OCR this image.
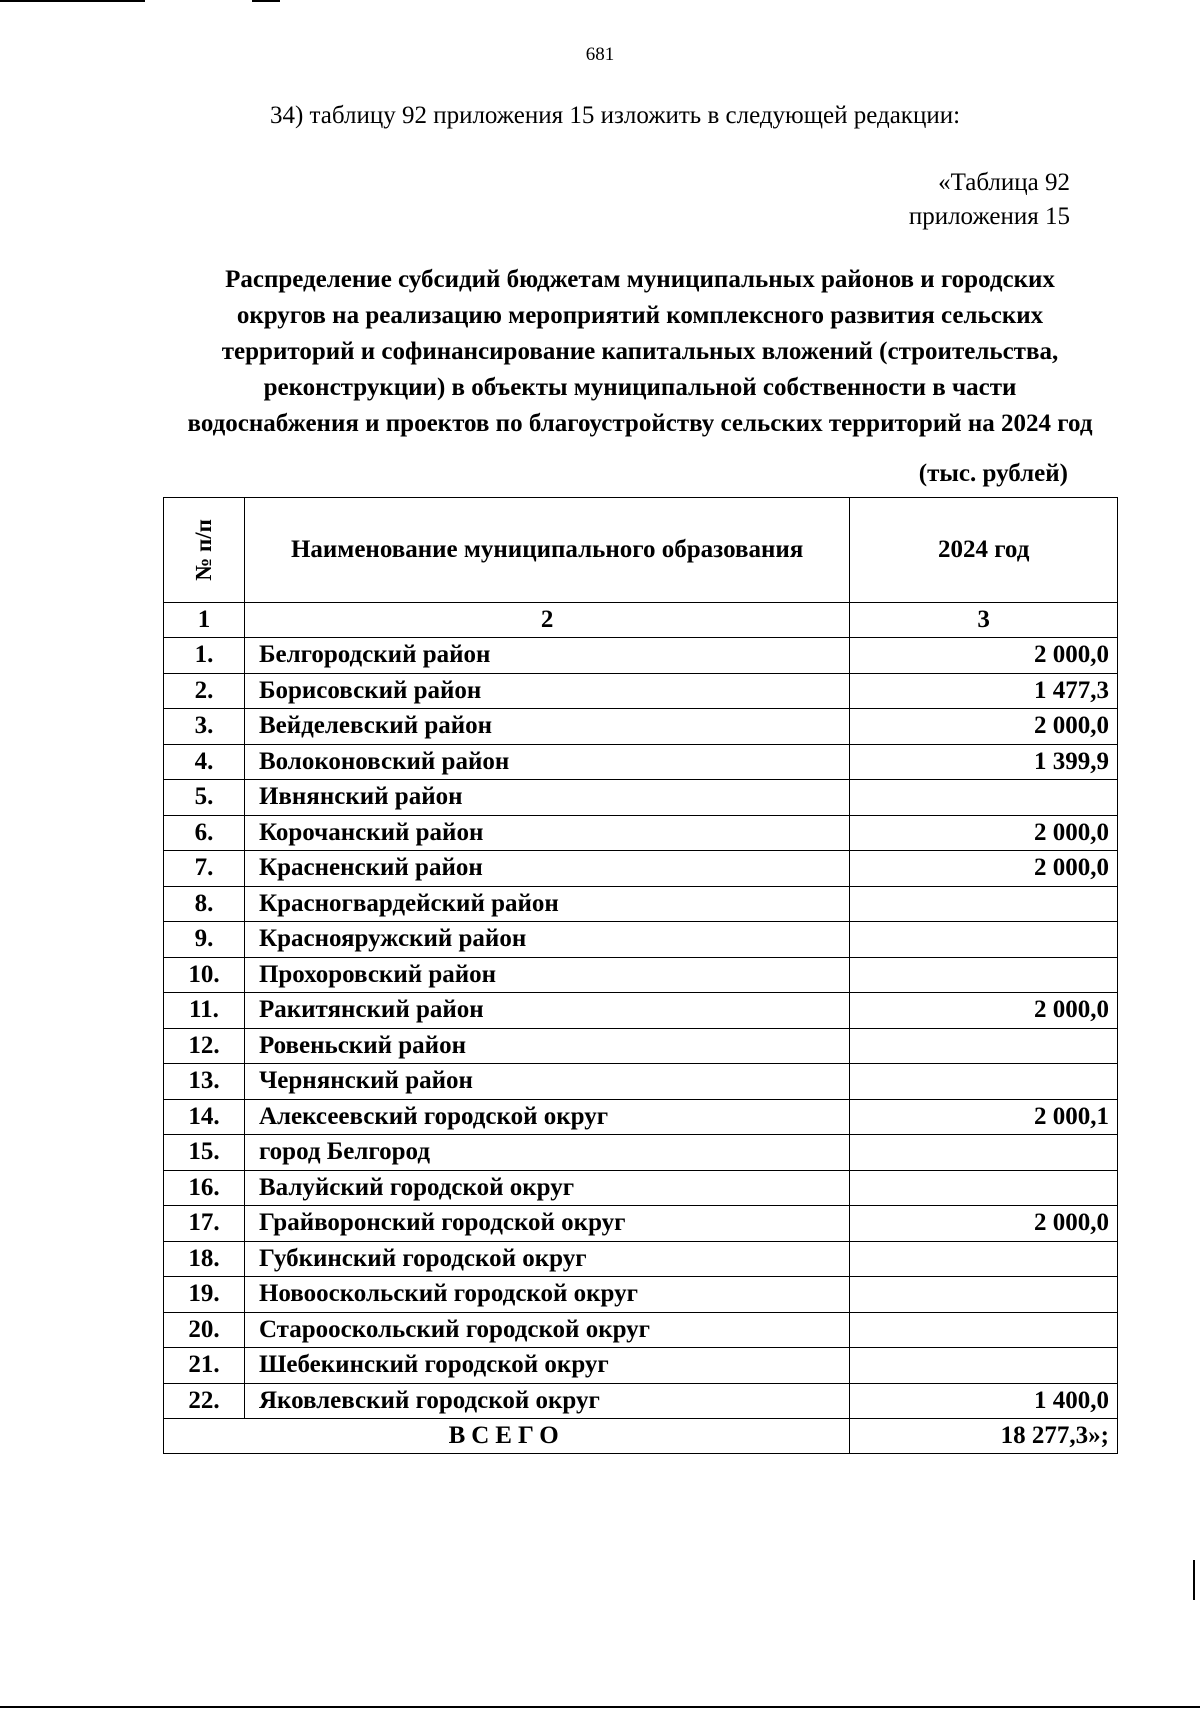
681
34) таблицу 92 приложения 15 изложить в следующей редакции:
«Таблица 92
приложения 15
Распределение субсидий бюджетам муниципальных районов и городских округов на реализацию мероприятий комплексного развития сельских территорий и софинансирование капитальных вложений (строительства, реконструкции) в объекты муниципальной собственности в части водоснабжения и проектов по благоустройству сельских территорий на 2024 год
(тыс. рублей)
№ п/п	Наименование муниципального образования	2024 год
1	2	3
1.	Белгородский район	2 000,0
2.	Борисовский район	1 477,3
3.	Вейделевский район	2 000,0
4.	Волоконовский район	1 399,9
5.	Ивнянский район	
6.	Корочанский район	2 000,0
7.	Красненский район	2 000,0
8.	Красногвардейский район	
9.	Краснояружский район	
10.	Прохоровский район	
11.	Ракитянский район	2 000,0
12.	Ровеньский район	
13.	Чернянский район	
14.	Алексеевский городской округ	2 000,1
15.	город Белгород	
16.	Валуйский городской округ	
17.	Грайворонский городской округ	2 000,0
18.	Губкинский городской округ	
19.	Новооскольский городской округ	
20.	Старооскольский городской округ	
21.	Шебекинский городской округ	
22.	Яковлевский городской округ	1 400,0
ВСЕГО		18 277,3»;
